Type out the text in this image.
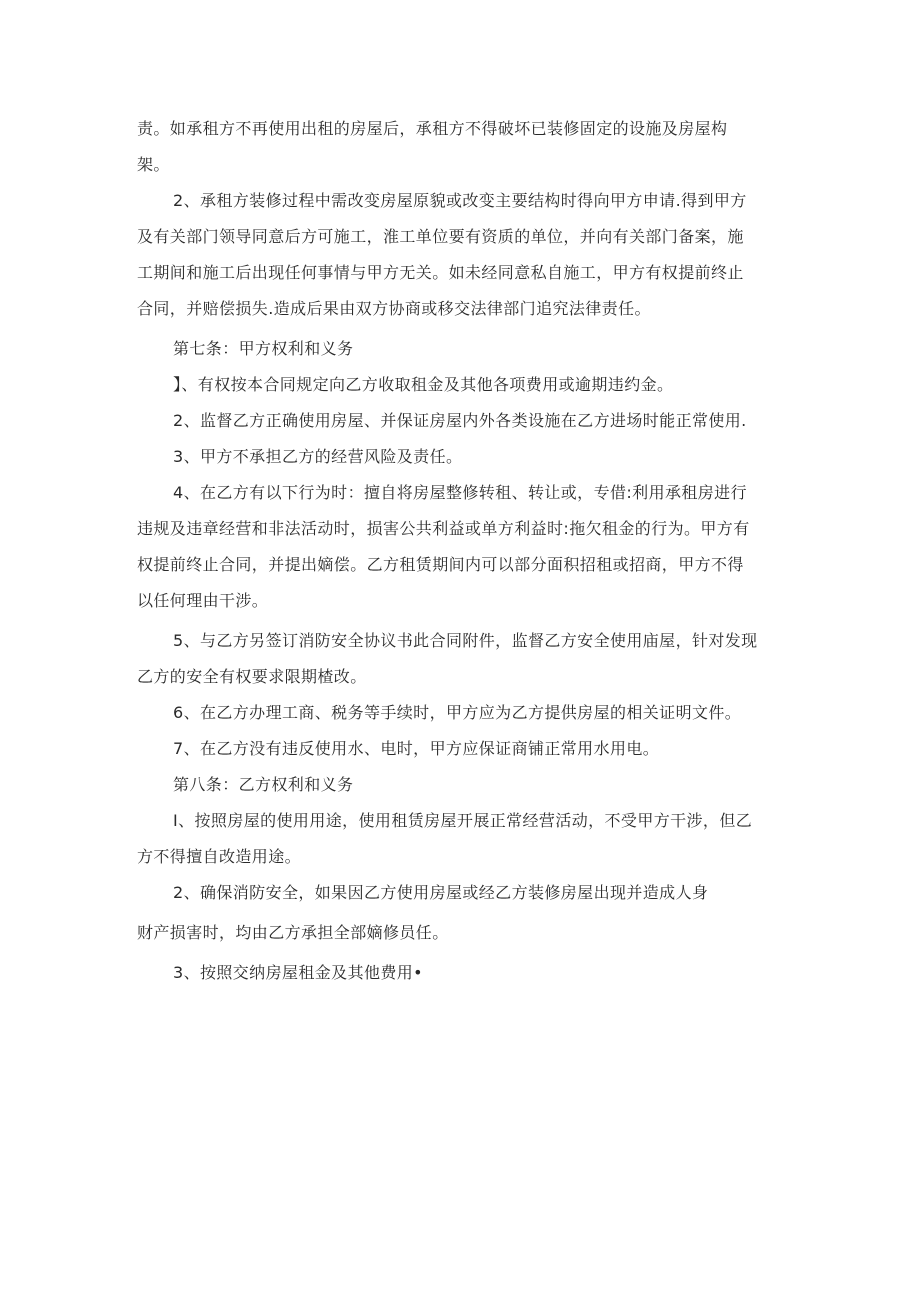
责。如承租方不再使用出租的房屋后，承租方不得破坏已装修固定的设施及房屋构
架。
2、承租方装修过程中需改变房屋原貌或改变主要结构时得向甲方申请.得到甲方
及有关部门领导同意后方可施工，淮工单位要有资质的单位，并向有关部门备案，施
工期间和施工后出现任何事情与甲方无关。如未经同意私自施工，甲方有权提前终止
合同，并赔偿损失.造成后果由双方协商或移交法律部门追究法律责任。
第七条：甲方权利和义务
】、有权按本合同规定向乙方收取租金及其他各项费用或逾期违约金。
2、监督乙方正确使用房屋、并保证房屋内外各类设施在乙方进场时能正常使用.
3、甲方不承担乙方的经营风险及责任。
4、在乙方有以下行为时：擅自将房屋整修转租、转让或，专借:利用承租房进行
违规及违章经营和非法活动时，损害公共利益或单方利益时:拖欠租金的行为。甲方有
权提前终止合同，并提出嫡偿。乙方租赁期间内可以部分面积招租或招商，甲方不得
以任何理由干涉。
5、与乙方另签订消防安全协议书此合同附件，监督乙方安全使用庙屋，针对发现
乙方的安全有权要求限期楂改。
6、在乙方办理工商、税务等手续时，甲方应为乙方提供房屋的相关证明文件。
7、在乙方没有违反使用水、电时，甲方应保证商铺正常用水用电。
第八条：乙方权利和义务
I、按照房屋的使用用途，使用租赁房屋开展正常经营活动，不受甲方干涉，但乙
方不得擅自改造用途。
2、确保消防安全，如果因乙方使用房屋或经乙方装修房屋出现并造成人身
财产损害时，均由乙方承担全部嫡修员任。
3、按照交纳房屋租金及其他费用•
